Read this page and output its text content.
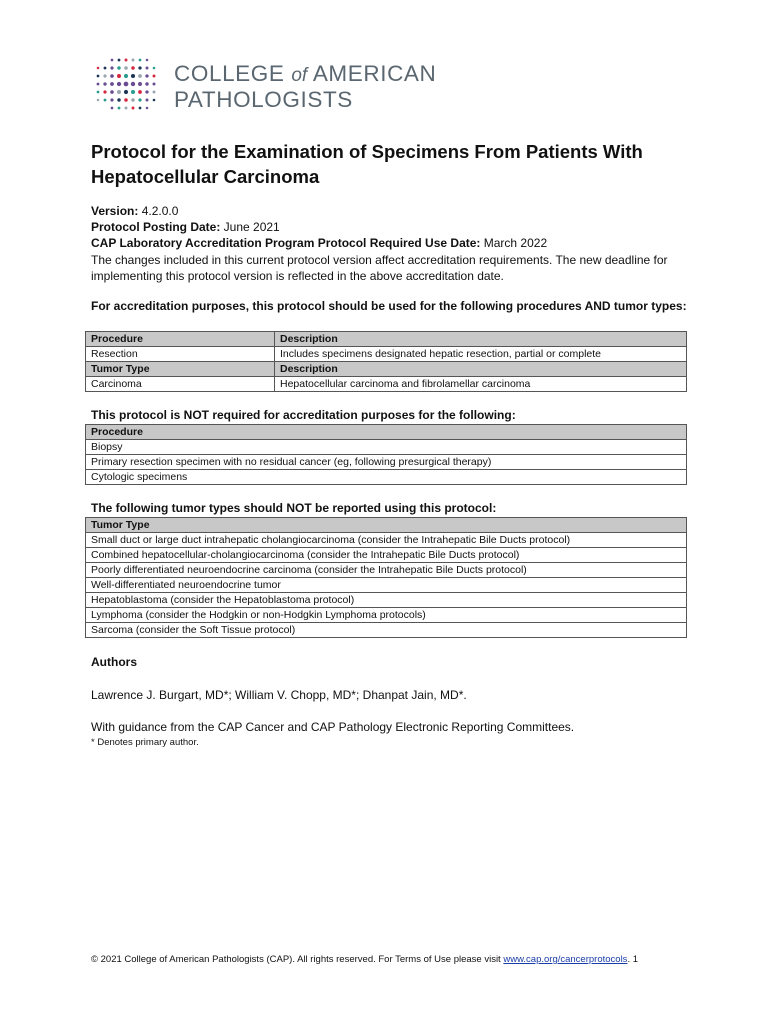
COLLEGE of AMERICAN
PATHOLOGISTS
Protocol for the Examination of Specimens From Patients With Hepatocellular Carcinoma
Version: 4.2.0.0
Protocol Posting Date: June 2021
CAP Laboratory Accreditation Program Protocol Required Use Date: March 2022
The changes included in this current protocol version affect accreditation requirements. The new deadline for implementing this protocol version is reflected in the above accreditation date.
For accreditation purposes, this protocol should be used for the following procedures AND tumor types:
Procedure	Description
Resection	Includes specimens designated hepatic resection, partial or complete
Tumor Type	Description
Carcinoma	Hepatocellular carcinoma and fibrolamellar carcinoma
This protocol is NOT required for accreditation purposes for the following:
Procedure
Biopsy
Primary resection specimen with no residual cancer (eg, following presurgical therapy)
Cytologic specimens
The following tumor types should NOT be reported using this protocol:
Tumor Type
Small duct or large duct intrahepatic cholangiocarcinoma (consider the Intrahepatic Bile Ducts protocol)
Combined hepatocellular-cholangiocarcinoma (consider the Intrahepatic Bile Ducts protocol)
Poorly differentiated neuroendocrine carcinoma (consider the Intrahepatic Bile Ducts protocol)
Well-differentiated neuroendocrine tumor
Hepatoblastoma (consider the Hepatoblastoma protocol)
Lymphoma (consider the Hodgkin or non-Hodgkin Lymphoma protocols)
Sarcoma (consider the Soft Tissue protocol)
Authors
Lawrence J. Burgart, MD*; William V. Chopp, MD*; Dhanpat Jain, MD*.
With guidance from the CAP Cancer and CAP Pathology Electronic Reporting Committees.
* Denotes primary author.
© 2021 College of American Pathologists (CAP). All rights reserved. For Terms of Use please visit www.cap.org/cancerprotocols. 1
